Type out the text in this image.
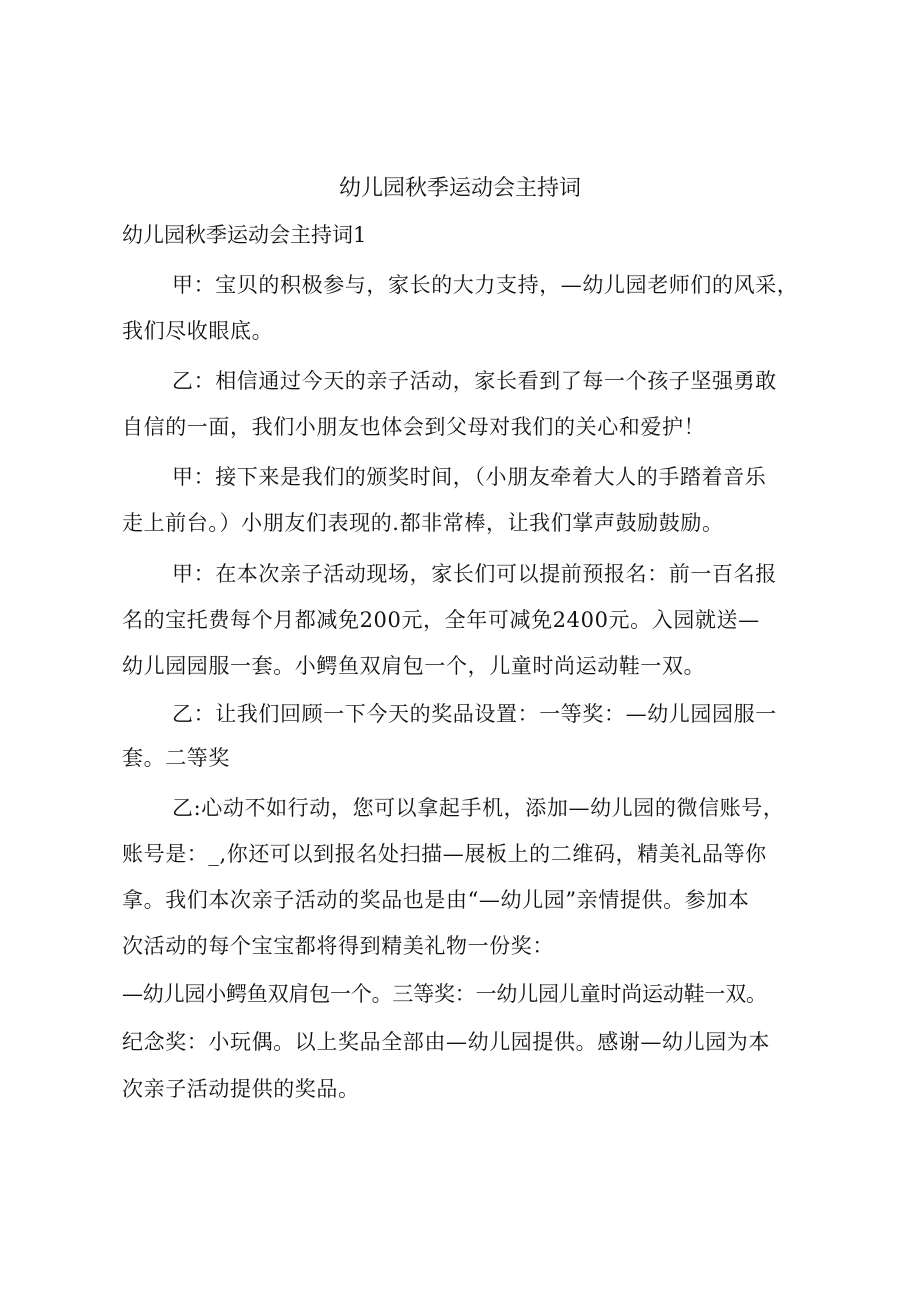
幼儿园秋季运动会主持词
幼儿园秋季运动会主持词1
甲：宝贝的积极参与，家长的大力支持，—幼儿园老师们的风采，
我们尽收眼底。
乙：相信通过今天的亲子活动，家长看到了每一个孩子坚强勇敢
自信的一面，我们小朋友也体会到父母对我们的关心和爱护！
甲：接下来是我们的颁奖时间，（小朋友牵着大人的手踏着音乐
走上前台。）小朋友们表现的.都非常棒，让我们掌声鼓励鼓励。
甲：在本次亲子活动现场，家长们可以提前预报名：前一百名报
名的宝托费每个月都减免200元，全年可减免2400元。入园就送—
幼儿园园服一套。小鳄鱼双肩包一个，儿童时尚运动鞋一双。
乙：让我们回顾一下今天的奖品设置：一等奖：—幼儿园园服一
套。二等奖
乙:心动不如行动，您可以拿起手机，添加—幼儿园的微信账号，
账号是：_,你还可以到报名处扫描—展板上的二维码，精美礼品等你
拿。我们本次亲子活动的奖品也是由“—幼儿园”亲情提供。参加本
次活动的每个宝宝都将得到精美礼物一份奖：
—幼儿园小鳄鱼双肩包一个。三等奖：一幼儿园儿童时尚运动鞋一双。
纪念奖：小玩偶。以上奖品全部由—幼儿园提供。感谢—幼儿园为本
次亲子活动提供的奖品。
